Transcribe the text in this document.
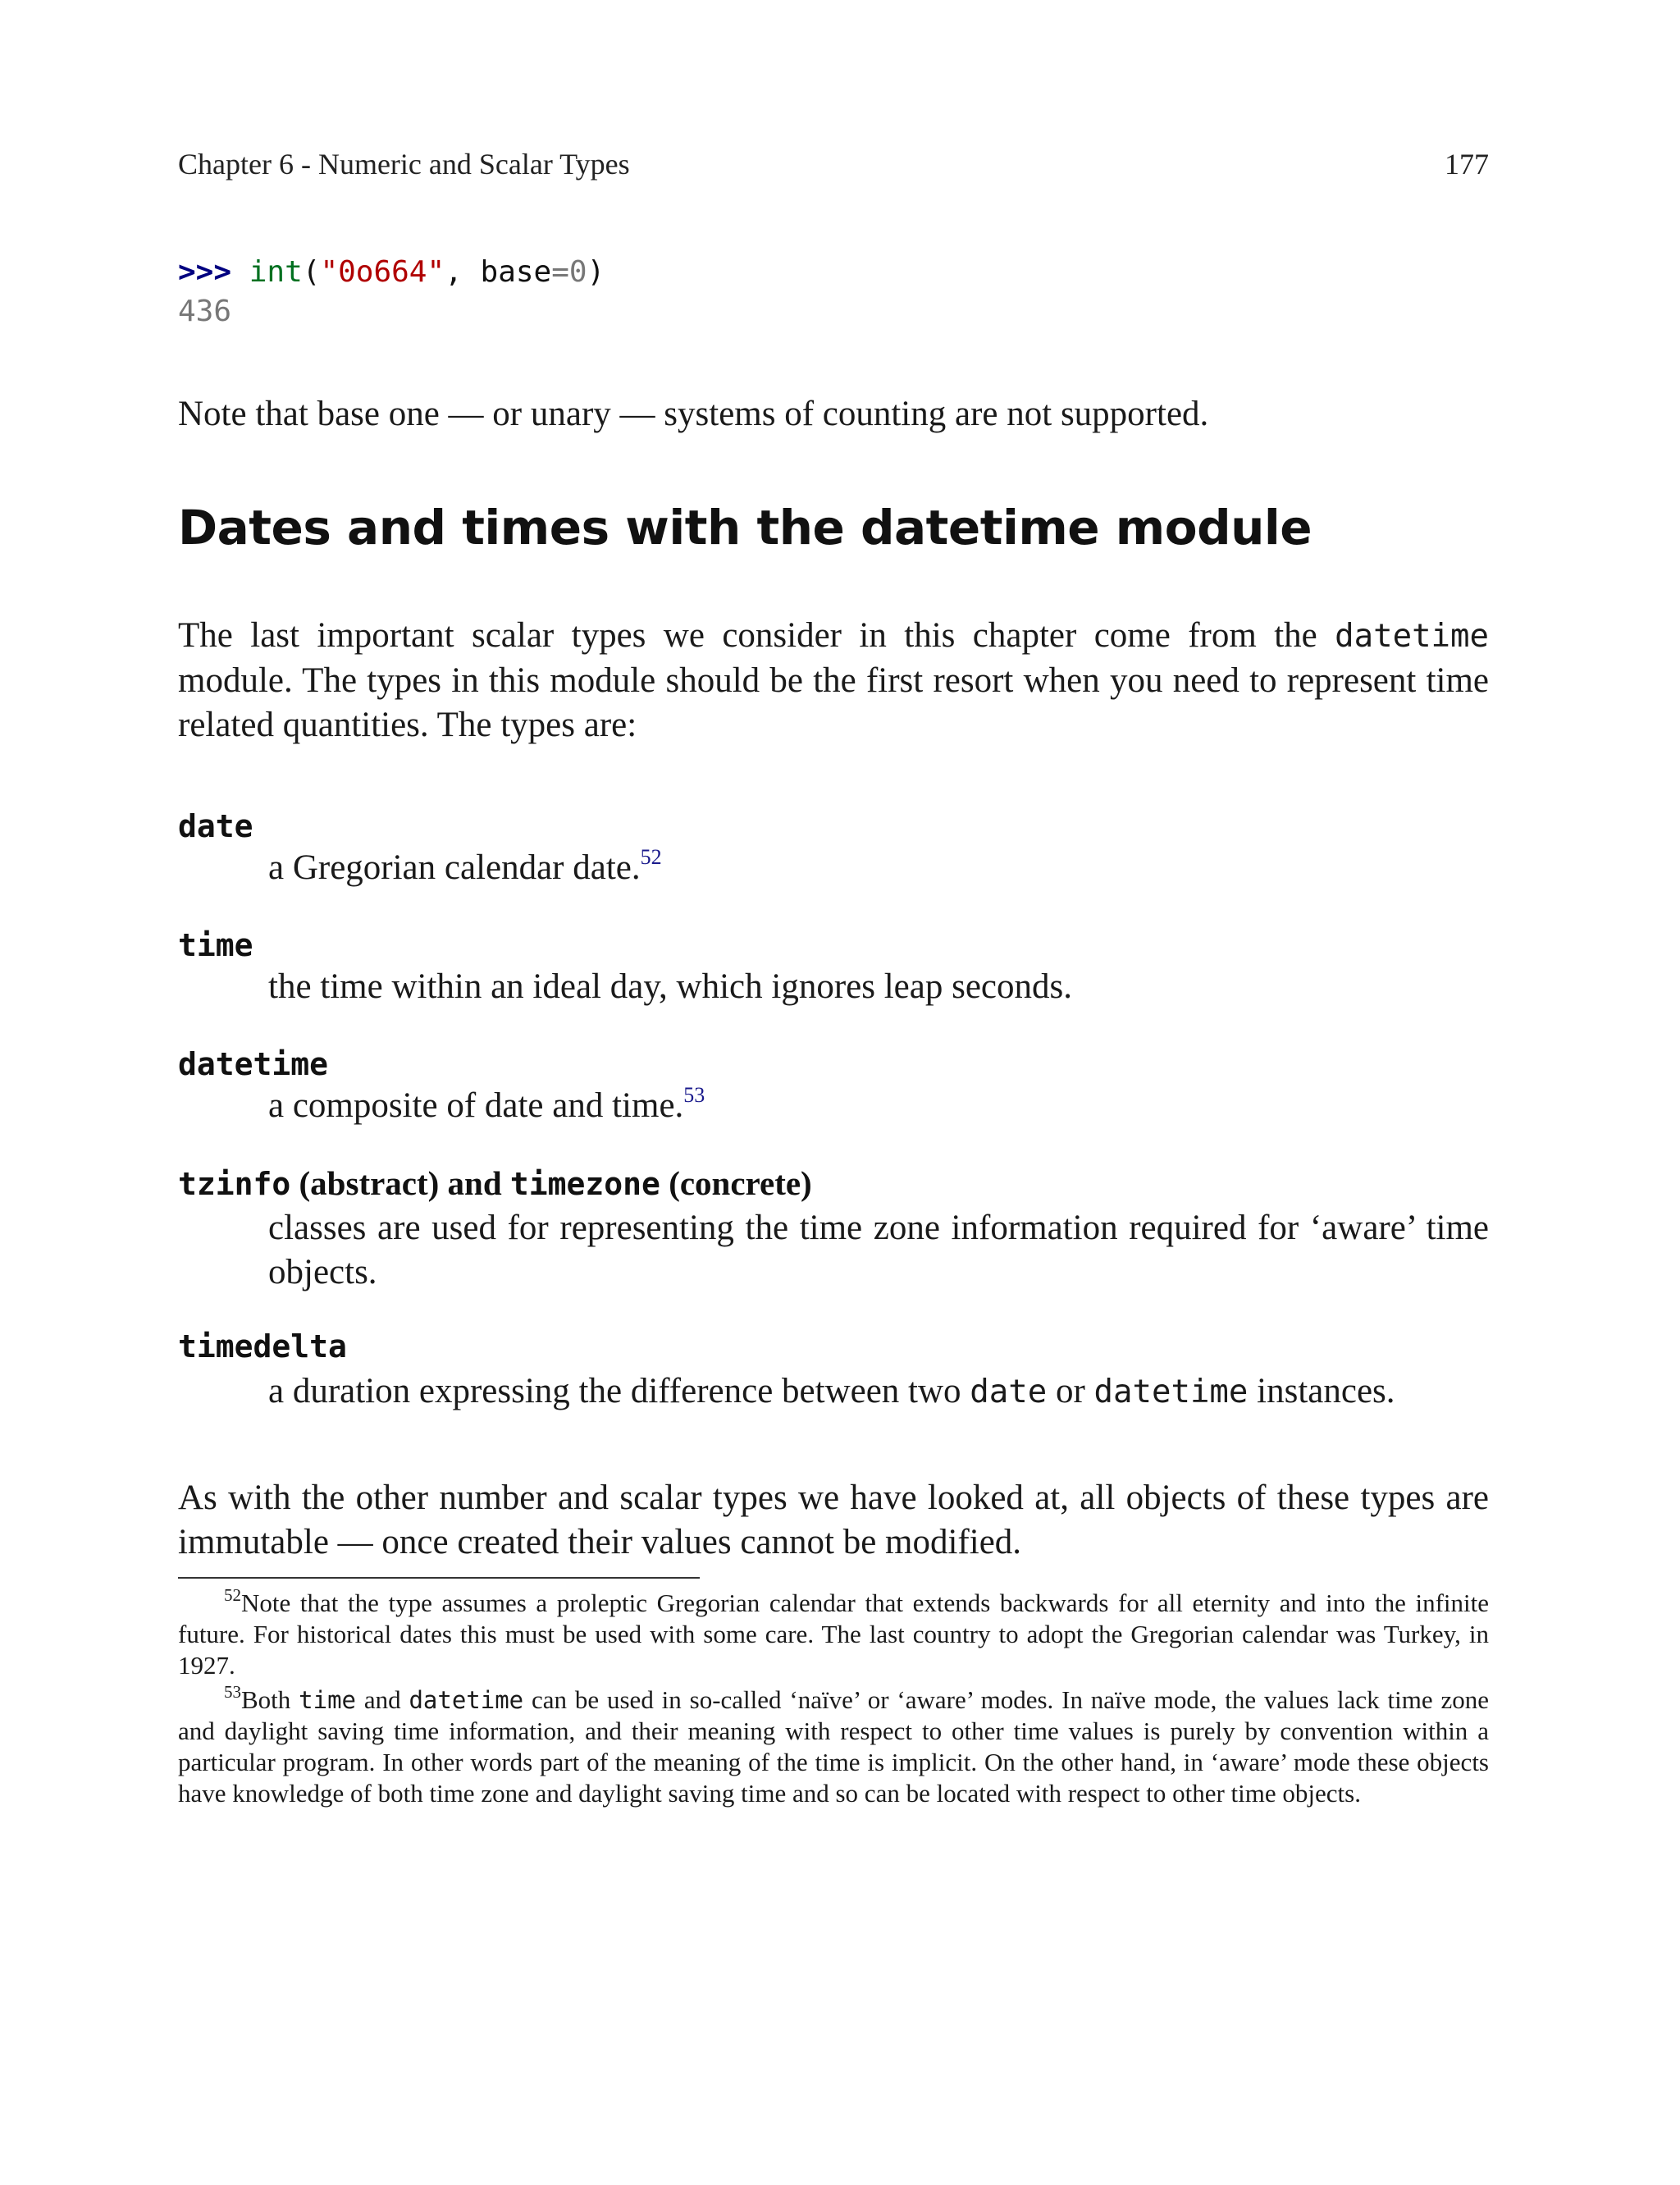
Chapter 6 - Numeric and Scalar Types	177
>>> int("0o664", base=0)
436

Note that base one — or unary — systems of counting are not supported.

Dates and times with the datetime module

The last important scalar types we consider in this chapter come from the datetime module. The types in this module should be the first resort when you need to represent time related quantities. The types are:

date
a Gregorian calendar date.$^{52}$
time
the time within an ideal day, which ignores leap seconds.
datetime
a composite of date and time.$^{53}$
tzinfo (abstract) and timezone (concrete)
classes are used for representing the time zone information required for ‘aware’ time objects.
timedelta
a duration expressing the difference between two date or datetime instances.

As with the other number and scalar types we have looked at, all objects of these types are immutable — once created their values cannot be modified.

$^{52}$Note that the type assumes a proleptic Gregorian calendar that extends backwards for all eternity and into the infinite future. For historical dates this must be used with some care. The last country to adopt the Gregorian calendar was Turkey, in 1927.

$^{53}$Both time and datetime can be used in so-called ‘naïve’ or ‘aware’ modes. In naïve mode, the values lack time zone and daylight saving time information, and their meaning with respect to other time values is purely by convention within a particular program. In other words part of the meaning of the time is implicit. On the other hand, in ‘aware’ mode these objects have knowledge of both time zone and daylight saving time and so can be located with respect to other time objects.
